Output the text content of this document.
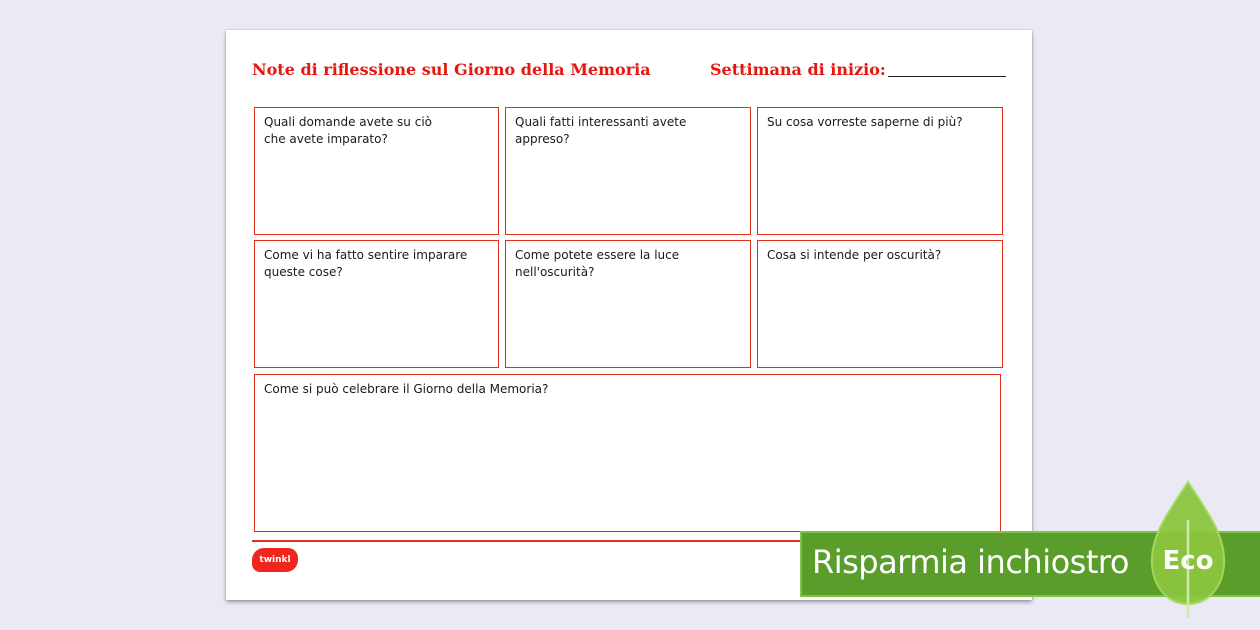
Note di riflessione sul Giorno della Memoria	Settimana di inizio:
Quali domande avete su ciò
che avete imparato?
Quali fatti interessanti avete appreso?
Su cosa vorreste saperne di più?
Come vi ha fatto sentire imparare
queste cose?
Come potete essere la luce nell'oscurità?
Cosa si intende per oscurità?
Come si può celebrare il Giorno della Memoria?
twinkl	Risparmia inchiostro Eco
